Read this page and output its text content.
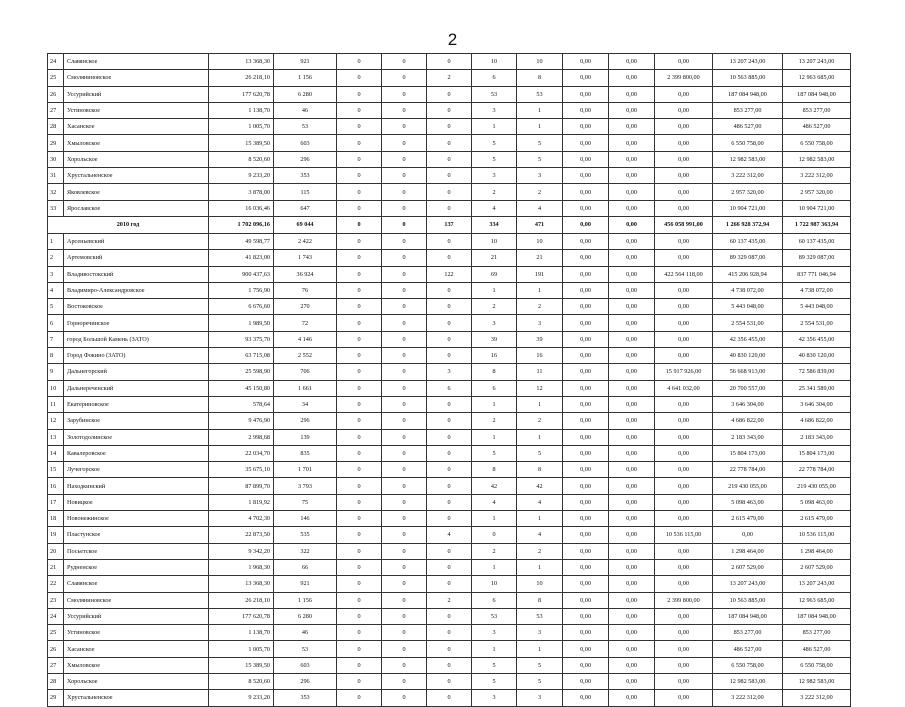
2
24	Славянское	13 368,30	921	0	0	0	10	10	0,00	0,00	0,00	13 207 243,00	13 207 243,00
25	Смоляниновское	26 218,10	1 156	0	0	2	6	8	0,00	0,00	2 399 800,00	10 563 885,00	12 963 685,00
26	Уссурийский	177 620,78	6 280	0	0	0	53	53	0,00	0,00	0,00	187 084 948,00	187 084 948,00
27	Устиновское	1 138,70	46	0	0	0	3	1	0,00	0,00	0,00	853 277,00	853 277,00
28	Хасанское	1 005,70	53	0	0	0	1	1	0,00	0,00	0,00	486 527,00	486 527,00
29	Хмыловское	15 389,50	603	0	0	0	5	5	0,00	0,00	0,00	6 550 758,00	6 550 758,00
30	Хорольское	8 520,60	296	0	0	0	5	5	0,00	0,00	0,00	12 982 583,00	12 982 583,00
31	Хрустальненское	9 233,20	353	0	0	0	3	3	0,00	0,00	0,00	3 222 312,00	3 222 312,00
32	Яковлевское	3 878,00	115	0	0	0	2	2	0,00	0,00	0,00	2 957 320,00	2 957 320,00
33	Ярославское	16 036,46	647	0	0	0	4	4	0,00	0,00	0,00	10 904 721,00	10 904 721,00
2010 год		1 702 096,16	69 044	0	0	137	334	471	0,00	0,00	456 058 991,00	1 266 928 372,94	1 722 987 363,94
1	Арсеньевский	49 598,77	2 422	0	0	0	10	10	0,00	0,00	0,00	60 137 435,00	60 137 435,00
2	Артемовский	41 823,00	1 743	0	0	0	21	21	0,00	0,00	0,00	89 329 087,00	89 329 087,00
3	Владивостокский	900 437,63	36 924	0	0	122	69	191	0,00	0,00	422 564 118,00	415 206 928,94	837 771 046,94
4	Владимиро-Александровское	1 756,90	76	0	0	0	1	1	0,00	0,00	0,00	4 738 072,00	4 738 072,00
5	Востоковское	6 676,60	270	0	0	0	2	2	0,00	0,00	0,00	5 443 048,00	5 443 048,00
6	Горноречинское	1 989,50	72	0	0	0	3	3	0,00	0,00	0,00	2 554 531,00	2 554 531,00
7	город Большой Камень (ЗАТО)	93 375,70	4 146	0	0	0	39	39	0,00	0,00	0,00	42 356 455,00	42 356 455,00
8	Город Фокино (ЗАТО)	63 715,08	2 552	0	0	0	16	16	0,00	0,00	0,00	40 830 120,00	40 830 120,00
9	Дальнегорский	25 598,90	706	0	0	3	8	11	0,00	0,00	15 917 926,00	56 668 913,00	72 586 839,00
10	Дальнереченский	45 150,80	1 661	0	0	6	6	12	0,00	0,00	4 641 032,00	20 700 557,00	25 341 589,00
11	Екатериновское	578,64	34	0	0	0	1	1	0,00	0,00	0,00	3 646 304,00	3 646 304,00
12	Зарубинское	9 476,90	296	0	0	0	2	2	0,00	0,00	0,00	4 686 822,00	4 686 822,00
13	Золотодолинское	2 998,68	139	0	0	0	1	1	0,00	0,00	0,00	2 183 343,00	2 183 343,00
14	Кавалеровское	22 034,70	835	0	0	0	5	5	0,00	0,00	0,00	15 804 173,00	15 804 173,00
15	Лучегорское	35 675,10	1 701	0	0	0	8	8	0,00	0,00	0,00	22 778 784,00	22 778 784,00
16	Находкинский	87 899,70	3 793	0	0	0	42	42	0,00	0,00	0,00	219 430 055,00	219 430 055,00
17	Новицкое	1 819,92	75	0	0	0	4	4	0,00	0,00	0,00	5 098 463,00	5 098 463,00
18	Новонежинское	4 702,30	146	0	0	0	1	1	0,00	0,00	0,00	2 615 479,00	2 615 479,00
19	Пластунское	22 873,50	535	0	0	4	0	4	0,00	0,00	10 536 115,00	0,00	10 536 115,00
20	Посьетское	9 342,20	322	0	0	0	2	2	0,00	0,00	0,00	1 298 464,00	1 298 464,00
21	Рудненское	1 968,30	66	0	0	0	1	1	0,00	0,00	0,00	2 607 529,00	2 607 529,00
22	Славянское	13 368,30	921	0	0	0	10	10	0,00	0,00	0,00	13 207 243,00	13 207 243,00
23	Смоляниновское	26 218,10	1 156	0	0	2	6	8	0,00	0,00	2 399 800,00	10 563 885,00	12 963 685,00
24	Уссурийский	177 620,78	6 280	0	0	0	53	53	0,00	0,00	0,00	187 084 948,00	187 084 948,00
25	Устиновское	1 138,70	46	0	0	0	3	3	0,00	0,00	0,00	853 277,00	853 277,00
26	Хасанское	1 005,70	53	0	0	0	1	1	0,00	0,00	0,00	486 527,00	486 527,00
27	Хмыловское	15 389,50	603	0	0	0	5	5	0,00	0,00	0,00	6 550 758,00	6 550 758,00
28	Хорольское	8 520,60	296	0	0	0	5	5	0,00	0,00	0,00	12 982 583,00	12 982 583,00
29	Хрустальненское	9 233,20	353	0	0	0	3	3	0,00	0,00	0,00	3 222 312,00	3 222 312,00
